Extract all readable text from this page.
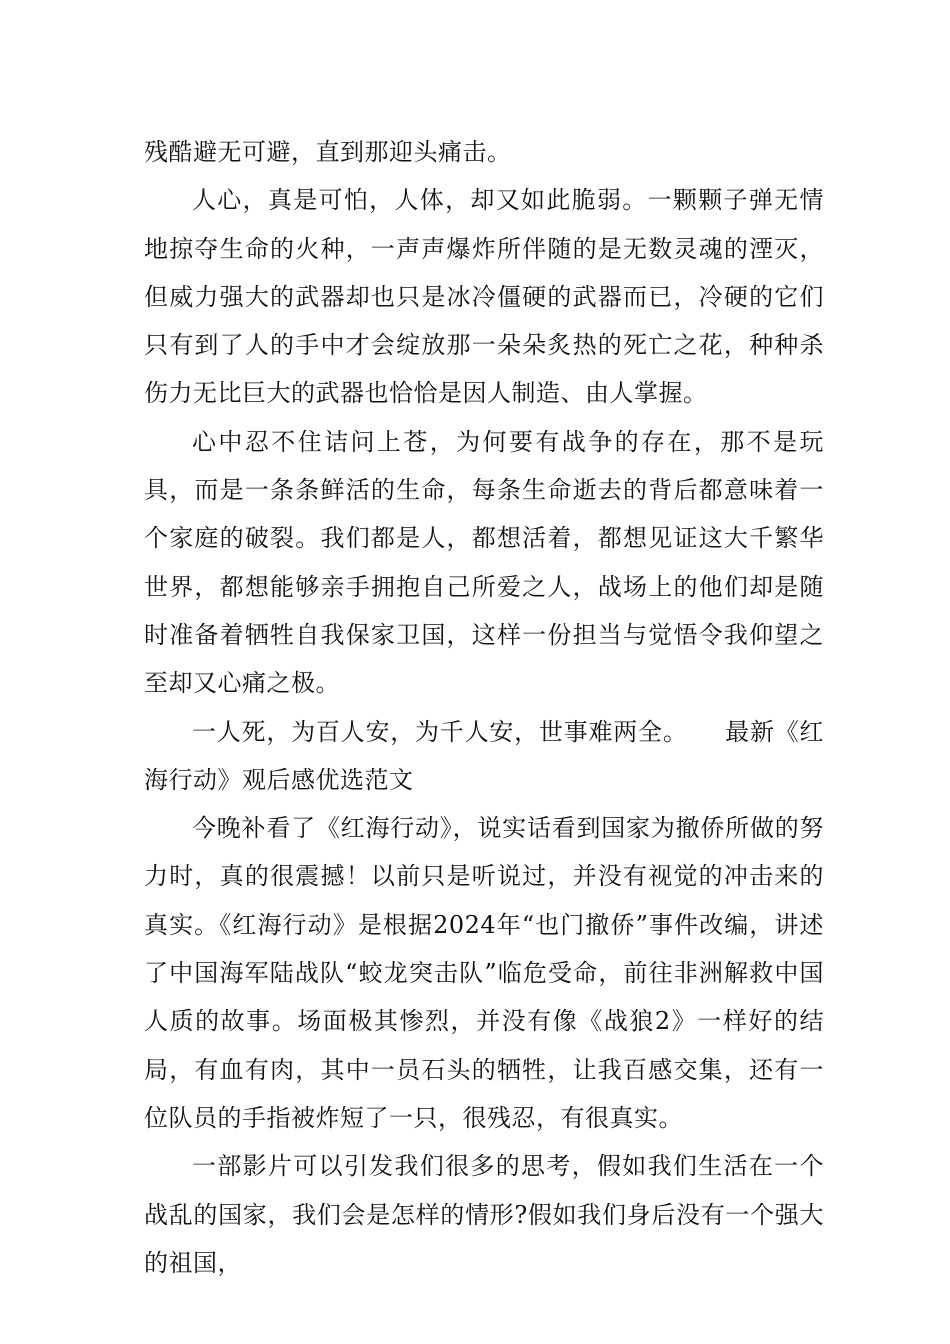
残酷避无可避，直到那迎头痛击。

人心，真是可怕，人体，却又如此脆弱。一颗颗子弹无情地掠夺生命的火种，一声声爆炸所伴随的是无数灵魂的湮灭，但威力强大的武器却也只是冰冷僵硬的武器而已，冷硬的它们只有到了人的手中才会绽放那一朵朵炙热的死亡之花，种种杀伤力无比巨大的武器也恰恰是因人制造、由人掌握。

心中忍不住诘问上苍，为何要有战争的存在，那不是玩具，而是一条条鲜活的生命，每条生命逝去的背后都意味着一个家庭的破裂。我们都是人，都想活着，都想见证这大千繁华世界，都想能够亲手拥抱自己所爱之人，战场上的他们却是随时准备着牺牲自我保家卫国，这样一份担当与觉悟令我仰望之至却又心痛之极。

一人死，为百人安，为千人安，世事难两全。　　最新《红海行动》观后感优选范文

今晚补看了《红海行动》，说实话看到国家为撤侨所做的努力时，真的很震撼！以前只是听说过，并没有视觉的冲击来的真实。《红海行动》是根据2024年“也门撤侨”事件改编，讲述了中国海军陆战队“蛟龙突击队”临危受命，前往非洲解救中国人质的故事。场面极其惨烈，并没有像《战狼2》一样好的结局，有血有肉，其中一员石头的牺牲，让我百感交集，还有一位队员的手指被炸短了一只，很残忍，有很真实。

一部影片可以引发我们很多的思考，假如我们生活在一个战乱的国家，我们会是怎样的情形?假如我们身后没有一个强大的祖国，
